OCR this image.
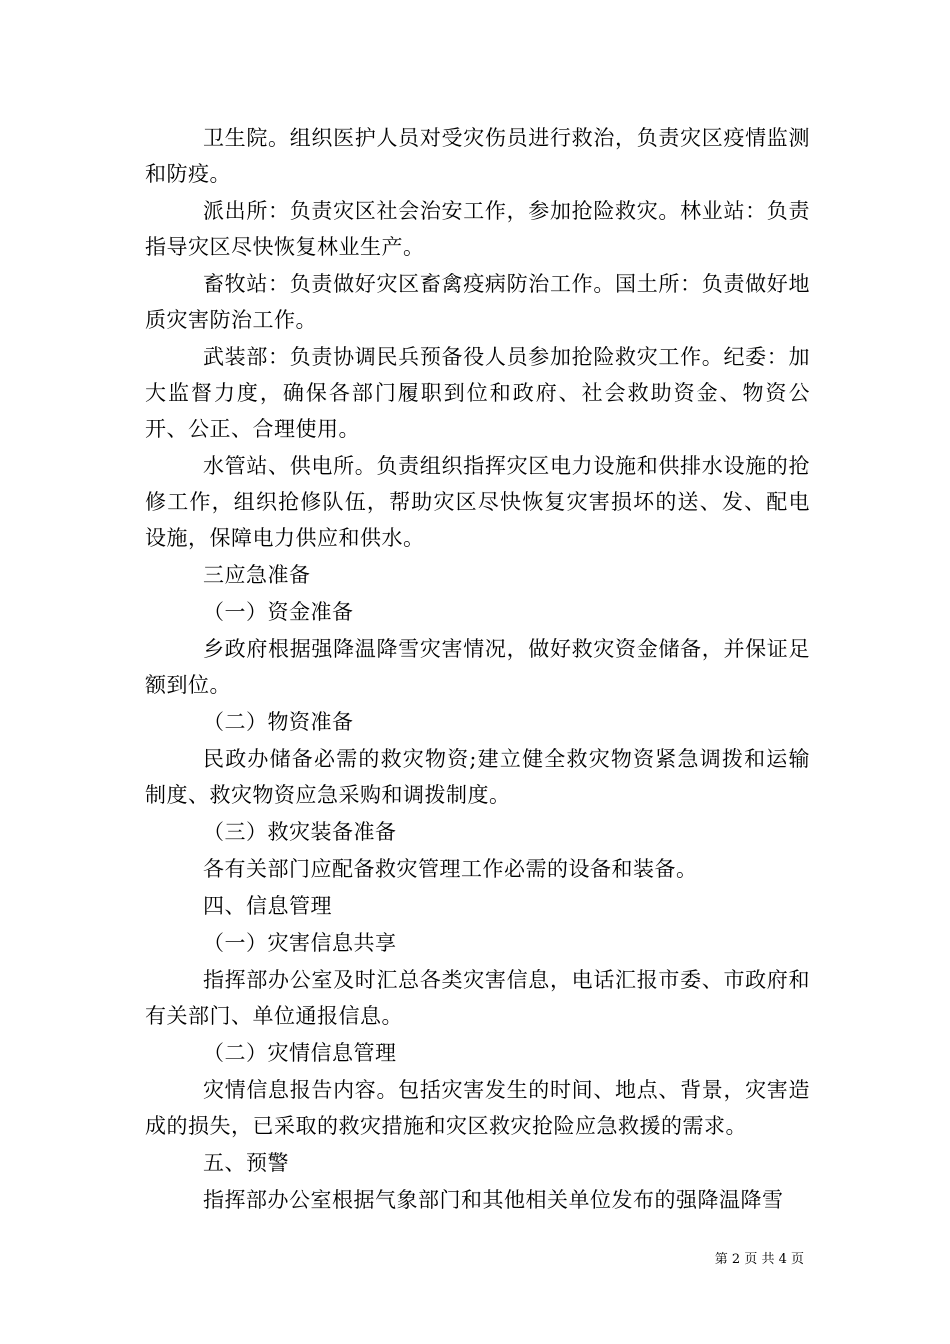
卫生院。组织医护人员对受灾伤员进行救治，负责灾区疫情监测和防疫。

派出所：负责灾区社会治安工作，参加抢险救灾。林业站：负责指导灾区尽快恢复林业生产。

畜牧站：负责做好灾区畜禽疫病防治工作。国土所：负责做好地质灾害防治工作。

武装部：负责协调民兵预备役人员参加抢险救灾工作。纪委：加大监督力度，确保各部门履职到位和政府、社会救助资金、物资公开、公正、合理使用。

水管站、供电所。负责组织指挥灾区电力设施和供排水设施的抢修工作，组织抢修队伍，帮助灾区尽快恢复灾害损坏的送、发、配电设施，保障电力供应和供水。

三应急准备

（一）资金准备

乡政府根据强降温降雪灾害情况，做好救灾资金储备，并保证足额到位。

（二）物资准备

民政办储备必需的救灾物资;建立健全救灾物资紧急调拨和运输制度、救灾物资应急采购和调拨制度。

（三）救灾装备准备

各有关部门应配备救灾管理工作必需的设备和装备。

四、信息管理

（一）灾害信息共享

指挥部办公室及时汇总各类灾害信息，电话汇报市委、市政府和有关部门、单位通报信息。

（二）灾情信息管理

灾情信息报告内容。包括灾害发生的时间、地点、背景，灾害造成的损失，已采取的救灾措施和灾区救灾抢险应急救援的需求。

五、预警

指挥部办公室根据气象部门和其他相关单位发布的强降温降雪

第 2 页 共 4 页
